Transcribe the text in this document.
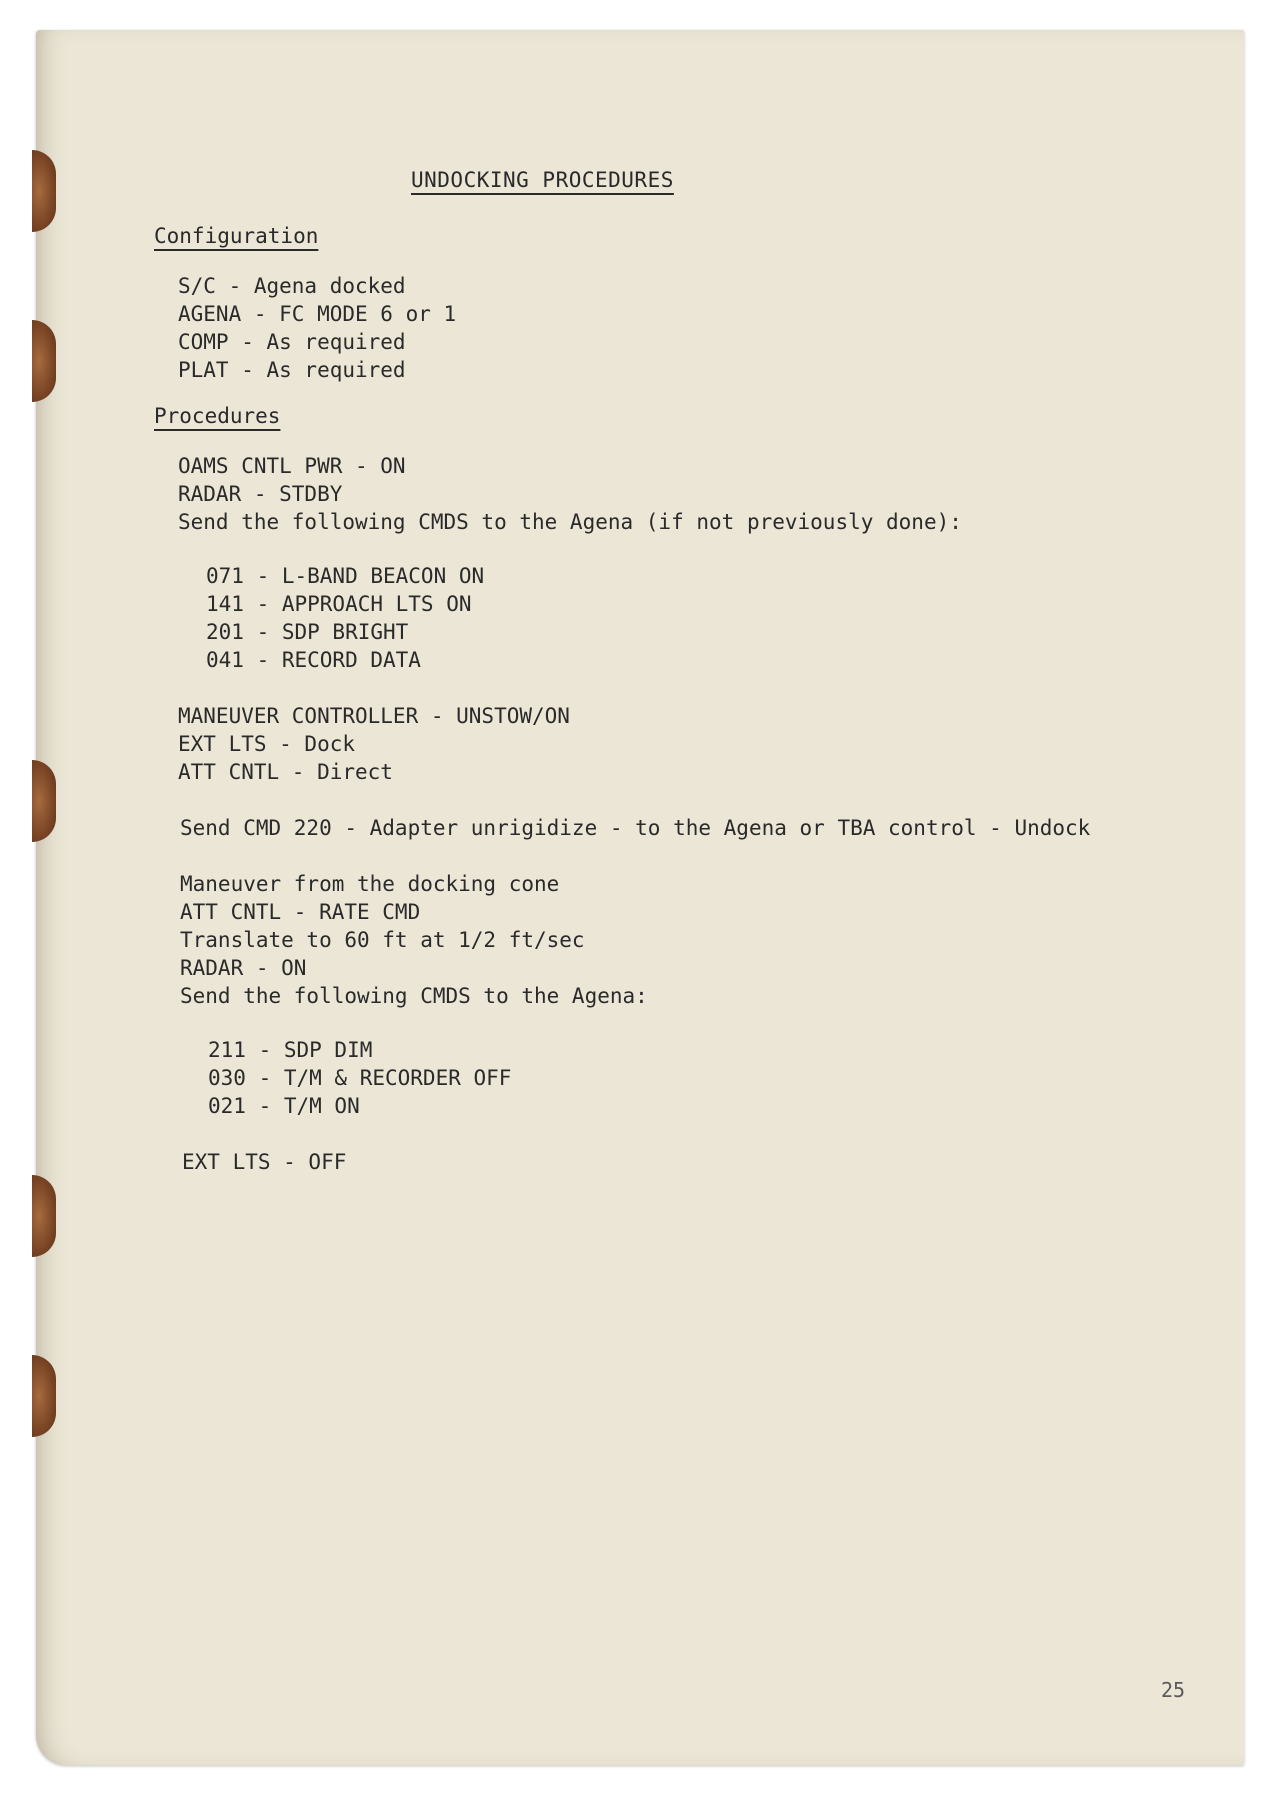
UNDOCKING PROCEDURES
Configuration
S/C - Agena docked
AGENA - FC MODE 6 or 1
COMP - As required
PLAT - As required
Procedures
OAMS CNTL PWR - ON
RADAR - STDBY
Send the following CMDS to the Agena (if not previously done):
071 - L-BAND BEACON ON
141 - APPROACH LTS ON
201 - SDP BRIGHT
041 - RECORD DATA
MANEUVER CONTROLLER - UNSTOW/ON
EXT LTS - Dock
ATT CNTL - Direct
Send CMD 220 - Adapter unrigidize - to the Agena or TBA control - Undock
Maneuver from the docking cone
ATT CNTL - RATE CMD
Translate to 60 ft at 1/2 ft/sec
RADAR - ON
Send the following CMDS to the Agena:
211 - SDP DIM
030 - T/M & RECORDER OFF
021 - T/M ON
EXT LTS - OFF
25
